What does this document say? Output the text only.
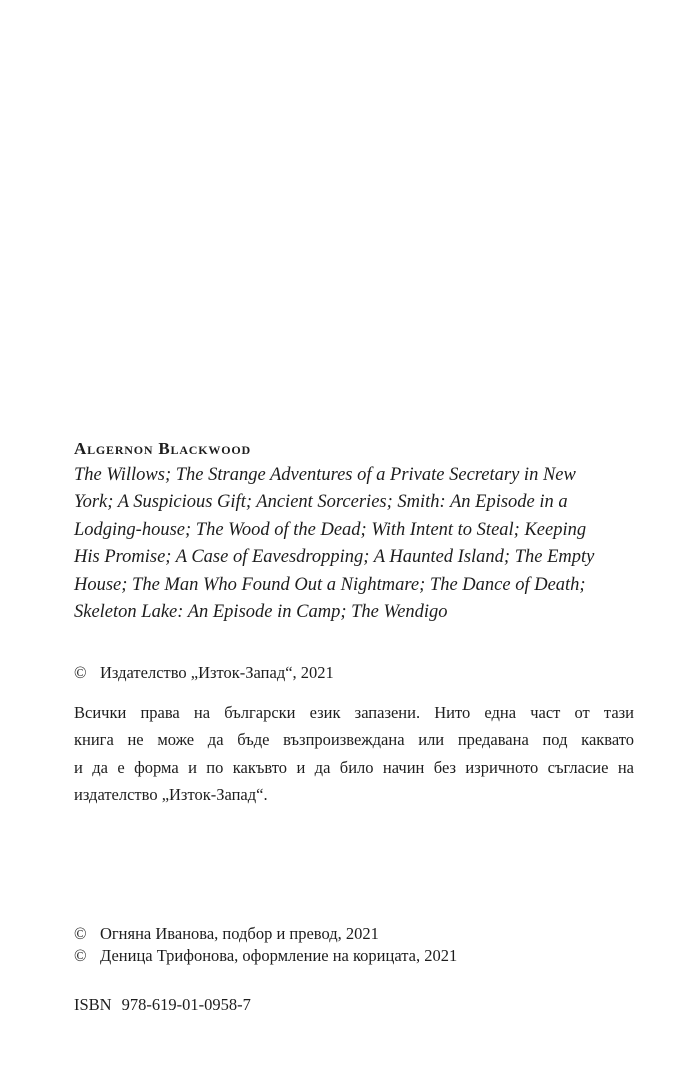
Algernon Blackwood

The Willows; The Strange Adventures of a Private Secretary in New
York; A Suspicious Gift; Ancient Sorceries; Smith: An Episode in a
Lodging-house; The Wood of the Dead; With Intent to Steal; Keeping
His Promise; A Case of Eavesdropping; A Haunted Island; The Empty
House; The Man Who Found Out a Nightmare; The Dance of Death;
Skeleton Lake: An Episode in Camp; The Wendigo

© Издателство „Изток-Запад“, 2021

Всички права на български език запазени. Нито една част от тази
книга не може да бъде възпроизвеждана или предавана под каквато
и да е форма и по какъвто и да било начин без изричното съгласие на
издателство „Изток-Запад“.

© Огняна Иванова, подбор и превод, 2021
© Деница Трифонова, оформление на корицата, 2021
ISBN 978-619-01-0958-7
